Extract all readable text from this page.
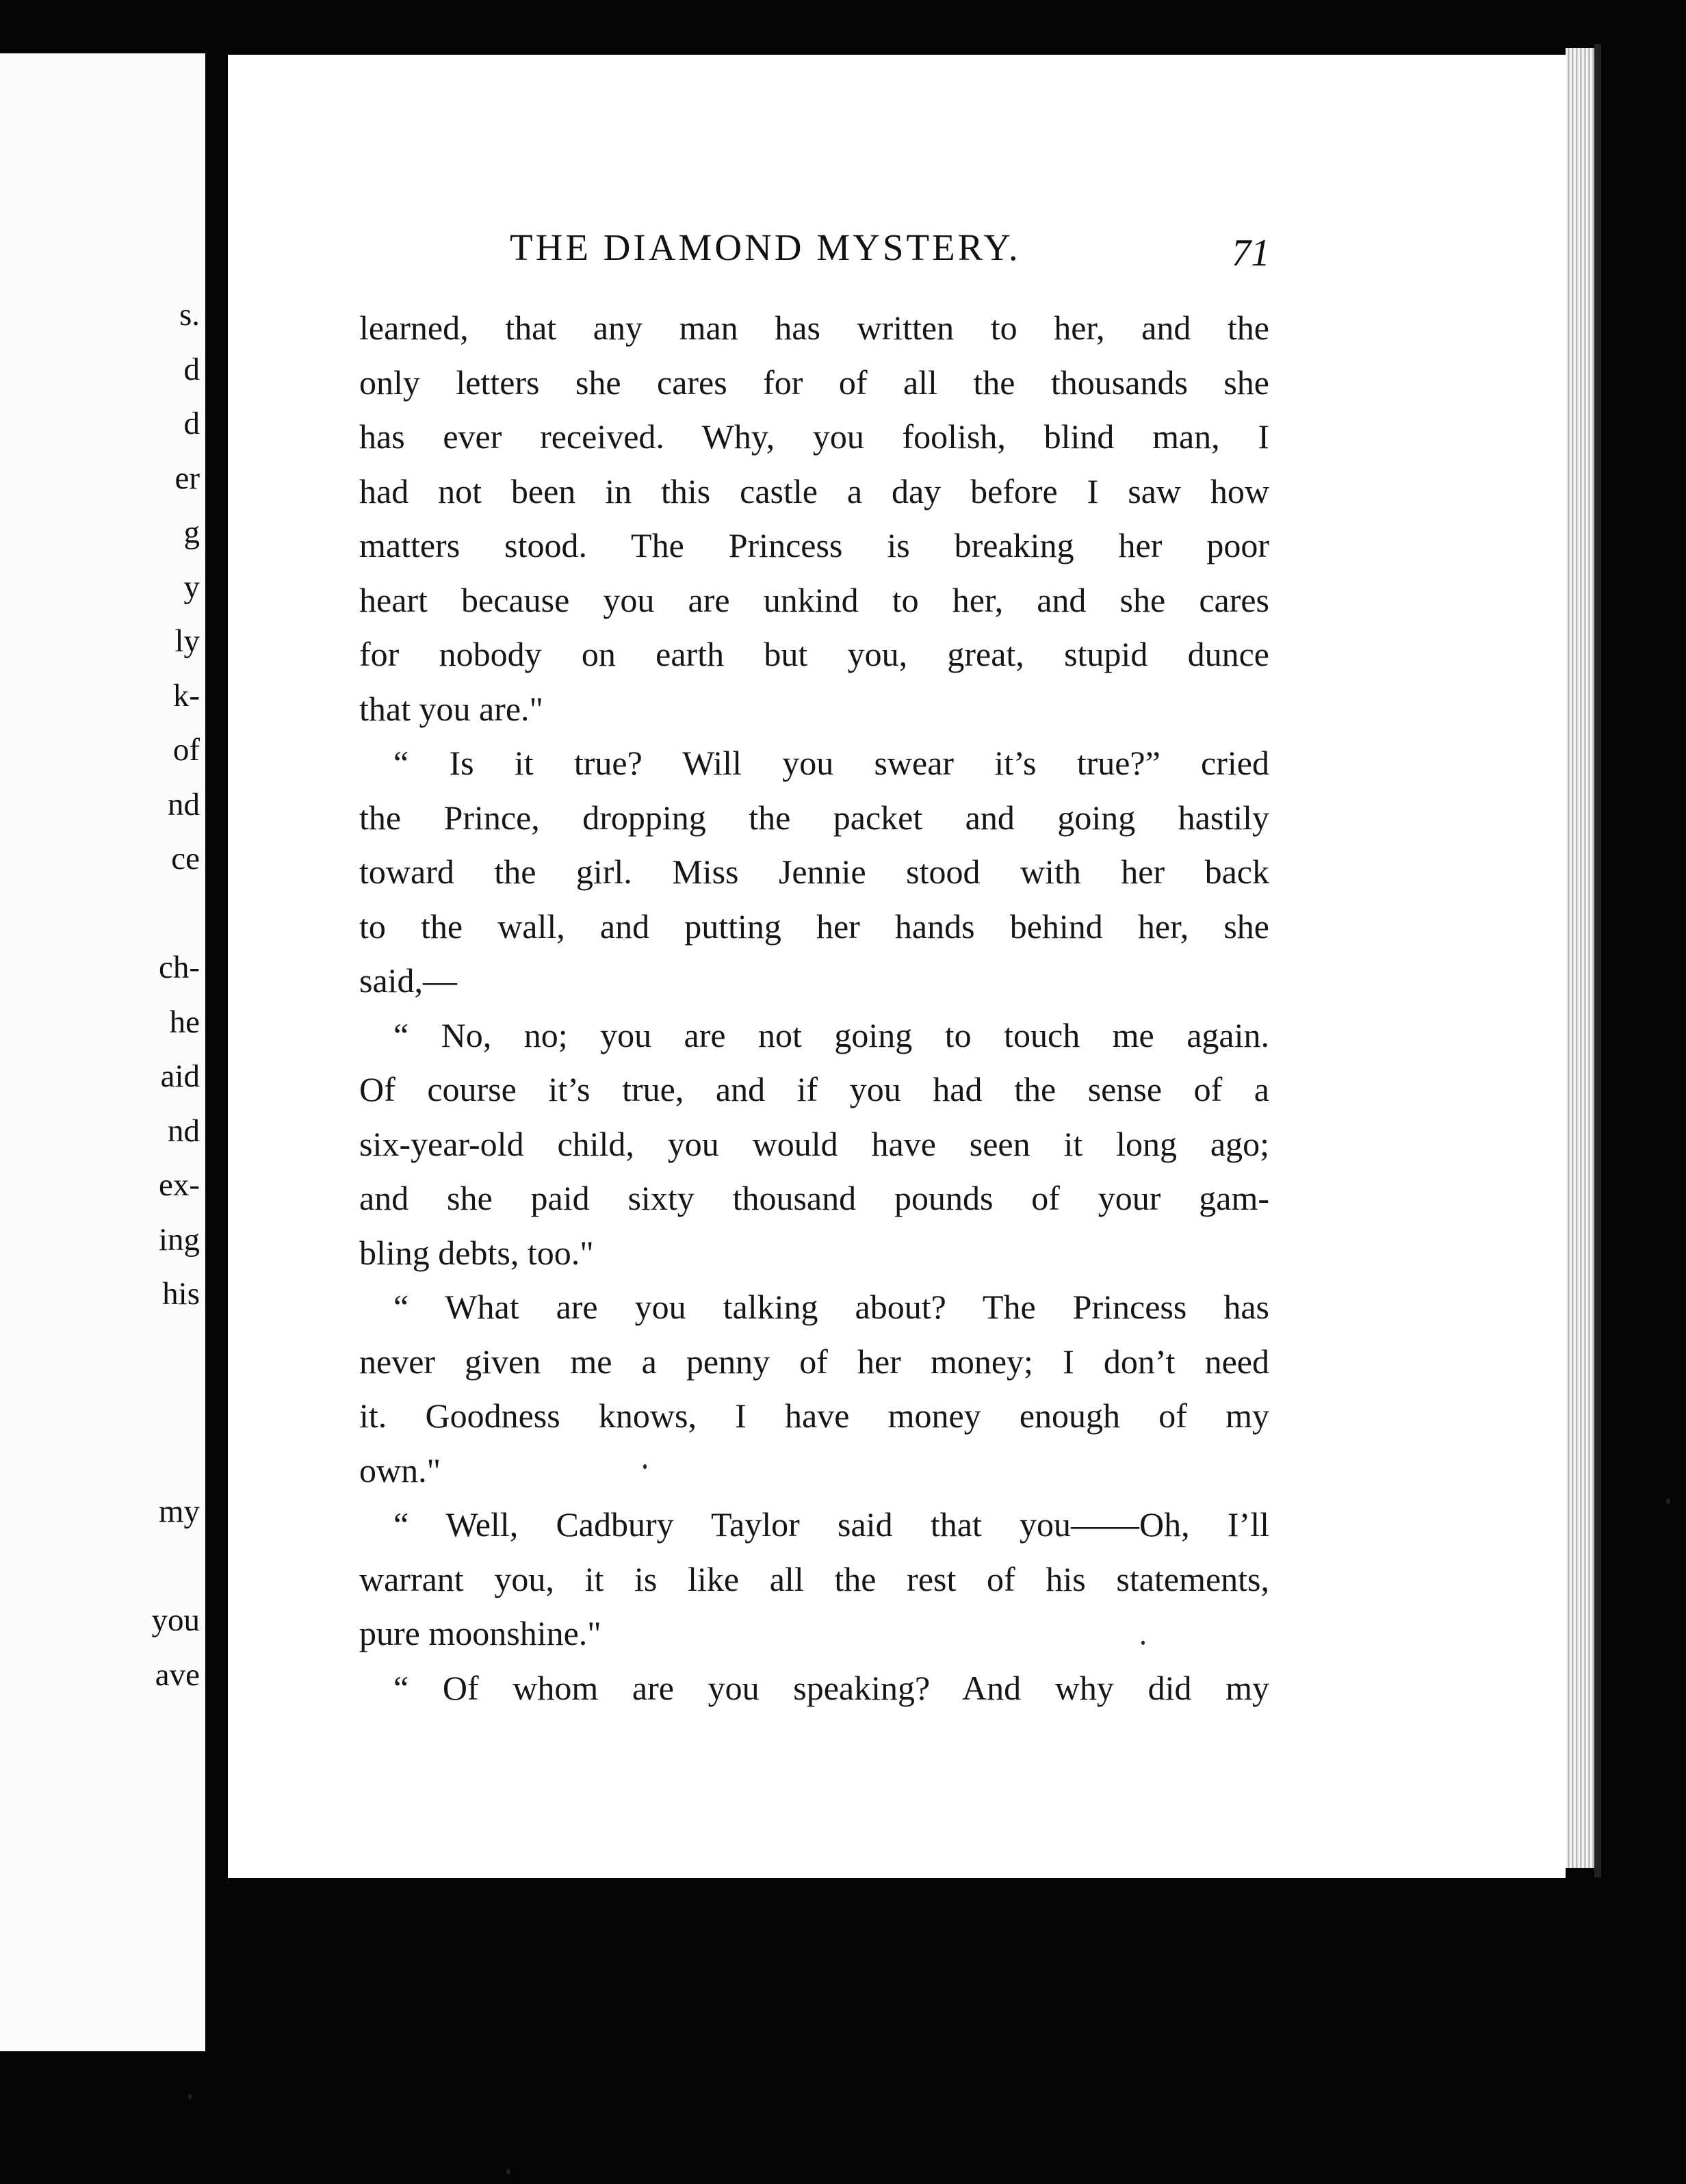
s.
d
d
er
g
y
ly
k-
of
nd
ce
ch-
he
aid
nd
ex-
ing
his
my
you
ave
THE DIAMOND MYSTERY.	71
learned, that any man has written to her, and the
only letters she cares for of all the thousands she
has ever received. Why, you foolish, blind man, I
had not been in this castle a day before I saw how
matters stood. The Princess is breaking her poor
heart because you are unkind to her, and she cares
for nobody on earth but you, great, stupid dunce
that you are."
“ Is it true? Will you swear it’s true?” cried
the Prince, dropping the packet and going hastily
toward the girl. Miss Jennie stood with her back
to the wall, and putting her hands behind her, she
said,—
“ No, no; you are not going to touch me again.
Of course it’s true, and if you had the sense of a
six-year-old child, you would have seen it long ago;
and she paid sixty thousand pounds of your gam-
bling debts, too."
“ What are you talking about? The Princess has
never given me a penny of her money; I don’t need
it. Goodness knows, I have money enough of my
own."
“ Well, Cadbury Taylor said that you——Oh, I’ll
warrant you, it is like all the rest of his statements,
pure moonshine."
“ Of whom are you speaking? And why did my
